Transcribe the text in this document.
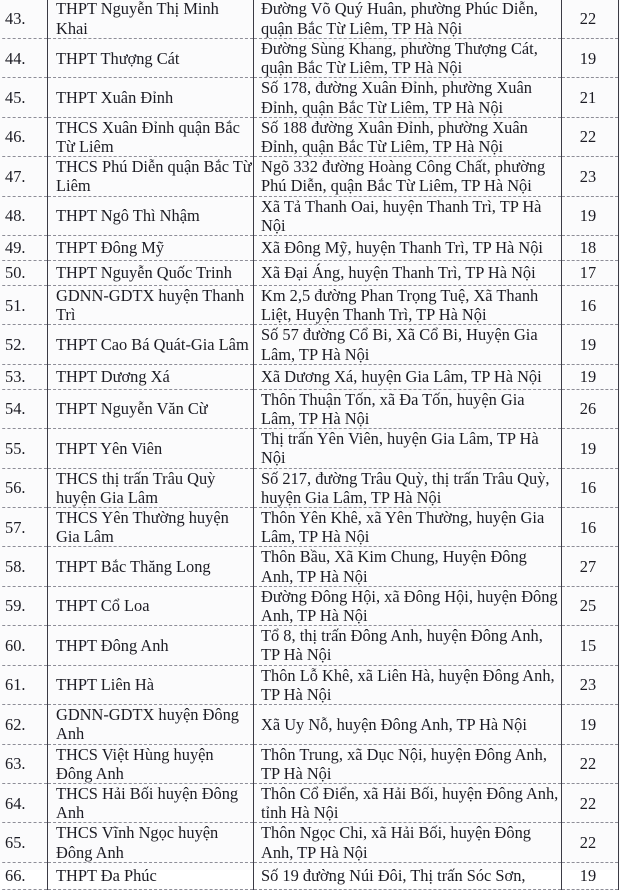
43.	THPT Nguyễn Thị Minh Khai	Đường Võ Quý Huân, phường Phúc Diễn, quận Bắc Từ Liêm, TP Hà Nội	22
44.	THPT Thượng Cát	Đường Sùng Khang, phường Thượng Cát, quận Bắc Từ Liêm, TP Hà Nội	19
45.	THPT Xuân Đỉnh	Số 178, đường Xuân Đỉnh, phường Xuân Đỉnh, quận Bắc Từ Liêm, TP Hà Nội	21
46.	THCS Xuân Đỉnh quận Bắc Từ Liêm	Số 188 đường Xuân Đỉnh, phường Xuân Đỉnh, quận Bắc Từ Liêm, TP Hà Nội	22
47.	THCS Phú Diễn quận Bắc Từ Liêm	Ngõ 332 đường Hoàng Công Chất, phường Phú Diễn, quận Bắc Từ Liêm, TP Hà Nội	23
48.	THPT Ngô Thì Nhậm	Xã Tả Thanh Oai, huyện Thanh Trì, TP Hà Nội	19
49.	THPT Đông Mỹ	Xã Đông Mỹ, huyện Thanh Trì, TP Hà Nội	18
50.	THPT Nguyễn Quốc Trinh	Xã Đại Áng, huyện Thanh Trì, TP Hà Nội	17
51.	GDNN-GDTX huyện Thanh Trì	Km 2,5 đường Phan Trọng Tuệ, Xã Thanh Liệt, Huyện Thanh Trì, TP Hà Nội	16
52.	THPT Cao Bá Quát-Gia Lâm	Số 57 đường Cổ Bi, Xã Cổ Bi, Huyện Gia Lâm, TP Hà Nội	19
53.	THPT Dương Xá	Xã Dương Xá, huyện Gia Lâm, TP Hà Nội	19
54.	THPT Nguyễn Văn Cừ	Thôn Thuận Tốn, xã Đa Tốn, huyện Gia Lâm, TP Hà Nội	26
55.	THPT Yên Viên	Thị trấn Yên Viên, huyện Gia Lâm, TP Hà Nội	19
56.	THCS thị trấn Trâu Quỳ huyện Gia Lâm	Số 217, đường Trâu Quỳ, thị trấn Trâu Quỳ, huyện Gia Lâm, TP Hà Nội	16
57.	THCS Yên Thường huyện Gia Lâm	Thôn Yên Khê, xã Yên Thường, huyện Gia Lâm, TP Hà Nội	16
58.	THPT Bắc Thăng Long	Thôn Bầu, Xã Kim Chung, Huyện Đông Anh, TP Hà Nội	27
59.	THPT Cổ Loa	Đường Đông Hội, xã Đông Hội, huyện Đông Anh, TP Hà Nội	25
60.	THPT Đông Anh	Tổ 8, thị trấn Đông Anh, huyện Đông Anh, TP Hà Nội	15
61.	THPT Liên Hà	Thôn Lỗ Khê, xã Liên Hà, huyện Đông Anh, TP Hà Nội	23
62.	GDNN-GDTX huyện Đông Anh	Xã Uy Nỗ, huyện Đông Anh, TP Hà Nội	19
63.	THCS Việt Hùng huyện Đông Anh	Thôn Trung, xã Dục Nội, huyện Đông Anh, TP Hà Nội	22
64.	THCS Hải Bối huyện Đông Anh	Thôn Cổ Điển, xã Hải Bối, huyện Đông Anh, tỉnh Hà Nội	22
65.	THCS Vĩnh Ngọc huyện Đông Anh	Thôn Ngọc Chi, xã Hải Bối, huyện Đông Anh, TP Hà Nội	22
66.	THPT Đa Phúc	Số 19 đường Núi Đôi, Thị trấn Sóc Sơn,	19
